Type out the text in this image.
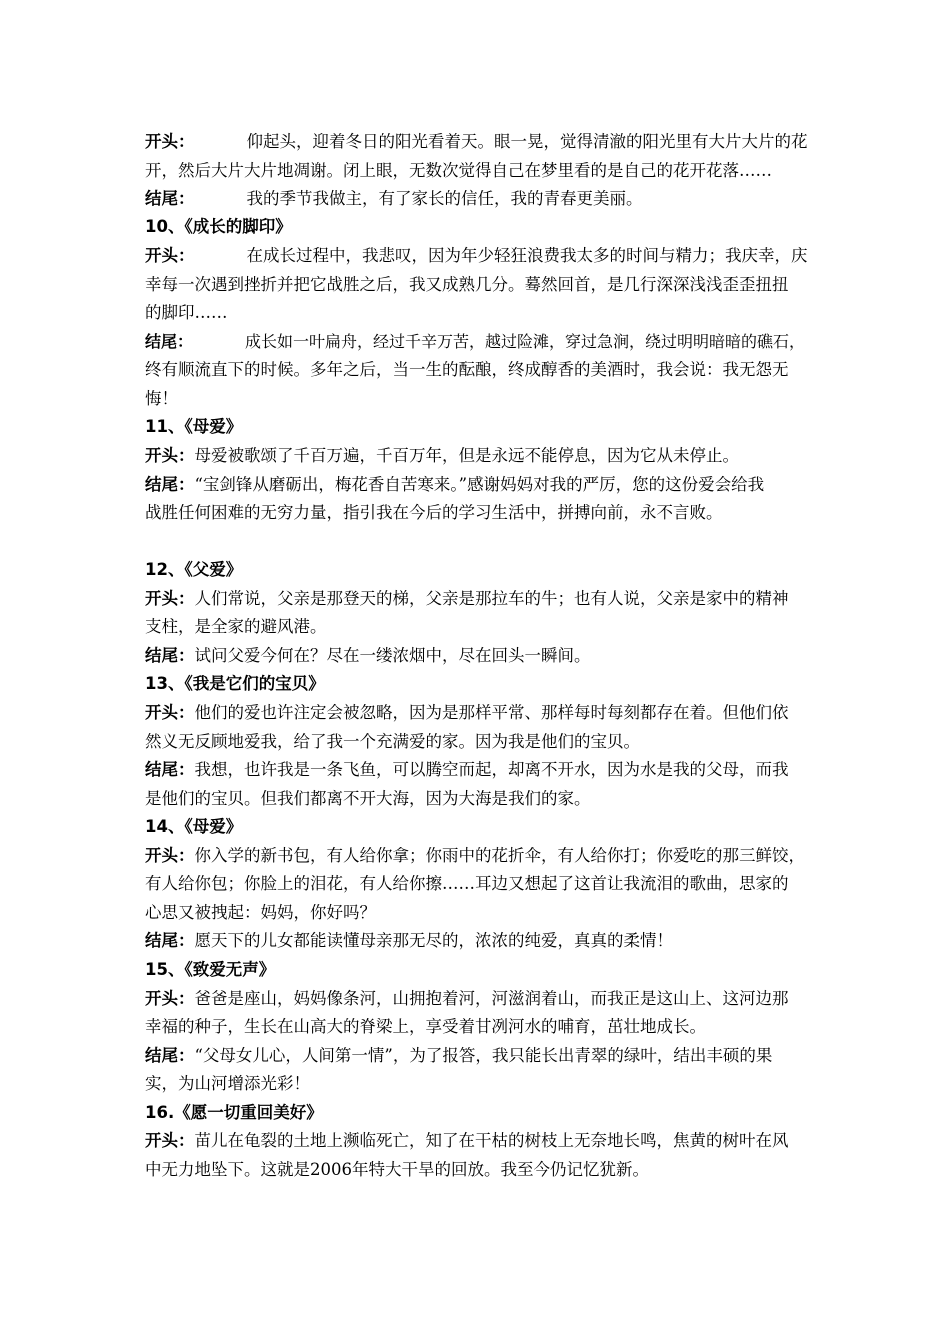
开头：	仰起头，迎着冬日的阳光看着天。眼一晃，觉得清澈的阳光里有大片大片的花
开，然后大片大片地凋谢。闭上眼，无数次觉得自己在梦里看的是自己的花开花落……
结尾：	我的季节我做主，有了家长的信任，我的青春更美丽。
10、《成长的脚印》
开头：	在成长过程中，我悲叹，因为年少轻狂浪费我太多的时间与精力；我庆幸，庆
幸每一次遇到挫折并把它战胜之后，我又成熟几分。蓦然回首，是几行深深浅浅歪歪扭扭
的脚印……
结尾：	成长如一叶扁舟，经过千辛万苦，越过险滩，穿过急涧，绕过明明暗暗的礁石，
终有顺流直下的时候。多年之后，当一生的酝酿，终成醇香的美酒时，我会说：我无怨无
悔！
11、《母爱》
开头：母爱被歌颂了千百万遍，千百万年，但是永远不能停息，因为它从未停止。
结尾：“宝剑锋从磨砺出，梅花香自苦寒来。”感谢妈妈对我的严厉，您的这份爱会给我
战胜任何困难的无穷力量，指引我在今后的学习生活中，拼搏向前，永不言败。
12、《父爱》
开头：人们常说，父亲是那登天的梯，父亲是那拉车的牛；也有人说，父亲是家中的精神
支柱，是全家的避风港。
结尾：试问父爱今何在？尽在一缕浓烟中，尽在回头一瞬间。
13、《我是它们的宝贝》
开头：他们的爱也许注定会被忽略，因为是那样平常、那样每时每刻都存在着。但他们依
然义无反顾地爱我，给了我一个充满爱的家。因为我是他们的宝贝。
结尾：我想，也许我是一条飞鱼，可以腾空而起，却离不开水，因为水是我的父母，而我
是他们的宝贝。但我们都离不开大海，因为大海是我们的家。
14、《母爱》
开头：你入学的新书包，有人给你拿；你雨中的花折伞，有人给你打；你爱吃的那三鲜饺，
有人给你包；你脸上的泪花，有人给你擦……耳边又想起了这首让我流泪的歌曲，思家的
心思又被拽起：妈妈，你好吗？
结尾：愿天下的儿女都能读懂母亲那无尽的，浓浓的纯爱，真真的柔情！
15、《致爱无声》
开头：爸爸是座山，妈妈像条河，山拥抱着河，河滋润着山，而我正是这山上、这河边那
幸福的种子，生长在山高大的脊梁上，享受着甘冽河水的哺育，茁壮地成长。
结尾：“父母女儿心，人间第一情”，为了报答，我只能长出青翠的绿叶，结出丰硕的果
实，为山河增添光彩！
16.《愿一切重回美好》
开头：苗儿在龟裂的土地上濒临死亡，知了在干枯的树枝上无奈地长鸣，焦黄的树叶在风
中无力地坠下。这就是2006年特大干旱的回放。我至今仍记忆犹新。
